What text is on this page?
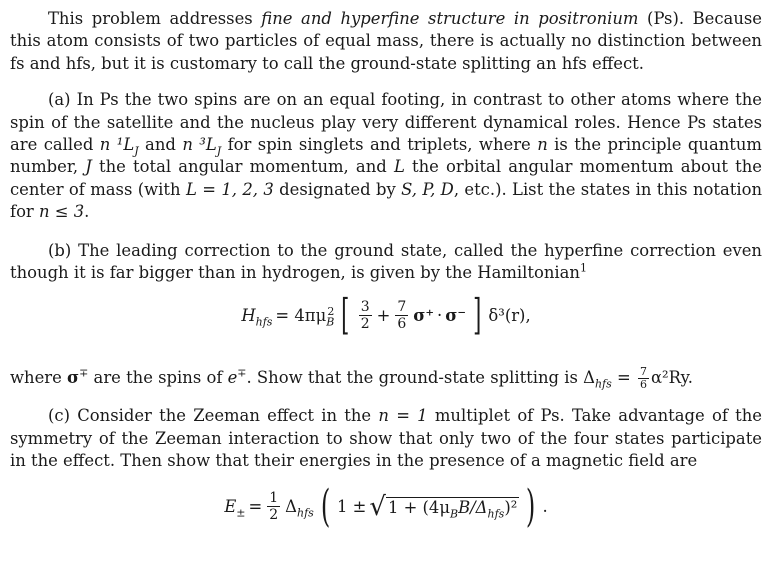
This problem addresses fine and hyperfine structure in positronium (Ps). Because this atom consists of two particles of equal mass, there is actually no distinction between fs and hfs, but it is customary to call the ground-state splitting an hfs effect.

(a) In Ps the two spins are on an equal footing, in contrast to other atoms where the spin of the satellite and the nucleus play very different dynamical roles. Hence Ps states are called n $^1L_J$ and n $^3L_J$ for spin singlets and triplets, where n is the principle quantum number, J the total angular momentum, and L the orbital angular momentum about the center of mass (with L = 1, 2, 3 designated by S, P, D, etc.). List the states in this notation for n ≤ 3.

(b) The leading correction to the ground state, called the hyperfine correction even though it is far bigger than in hydrogen, is given by the Hamiltonian$^1$

$H_{hfs} = 4\pi\mu_B^2$ [ $\frac{3}{2} + \frac{7}{6} \sigma^+ \cdot \sigma^-$ ] δ³(r),

where σ∓ are the spins of e∓. Show that the ground-state splitting is $\Delta_{hfs} = \frac{7}{6} \alpha^2Ry$.

(c) Consider the Zeeman effect in the n = 1 multiplet of Ps. Take advantage of the symmetry of the Zeeman interaction to show that only two of the four states participate in the effect. Then show that their energies in the presence of a magnetic field are

$E_\pm = \frac{1}{2} \Delta_{hfs}$ ( 1 ± √ $1 + (4\mu_BB/\Delta_{hfs})^2$ ) .
